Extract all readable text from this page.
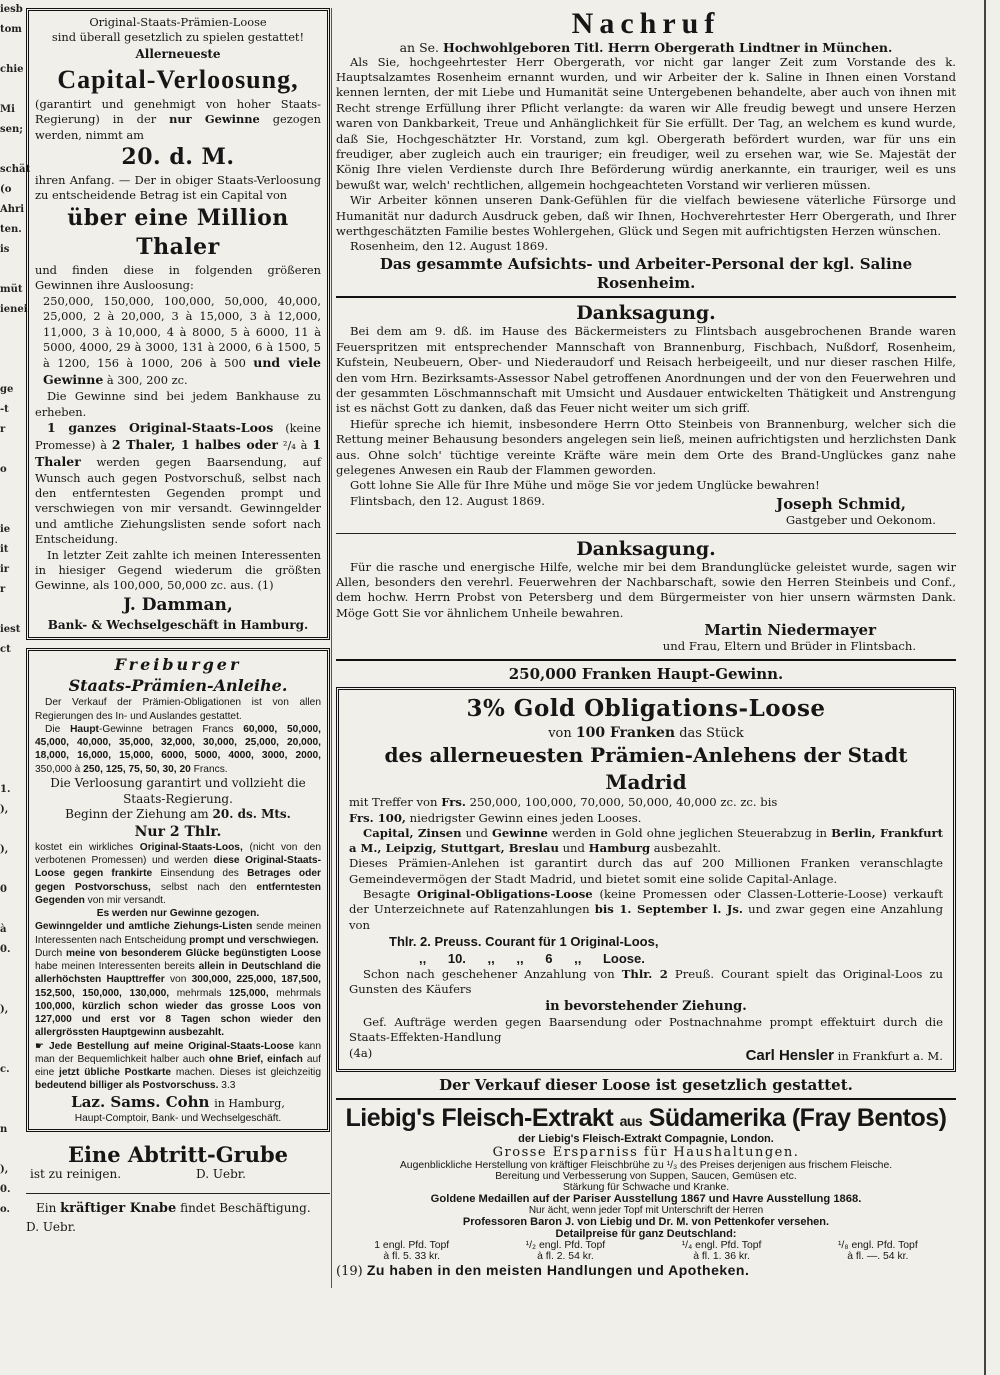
iesb
tom
chie
Mi
sen;
schät
(o
Ahri
ten.
is
müt
ienei
ge
-t
r
o
ie
it
ir
r
iest
ct
1.
),
),
0
à
0.
),
c.
n
),
0.
o.
Original-Staats-Prämien-Loose
sind überall gesetzlich zu spielen gestattet!
Allerneueste
Capital-Verloosung,

(garantirt und genehmigt von hoher Staats-Regierung) in der nur Gewinne gezogen werden, nimmt am

20. d. M.

ihren Anfang. — Der in obiger Staats-Verloosung zu entscheidende Betrag ist ein Capital von

über eine Million Thaler

und finden diese in folgenden größeren Gewinnen ihre Ausloosung:

250,000, 150,000, 100,000, 50,000, 40,000, 25,000, 2 à 20,000, 3 à 15,000, 3 à 12,000, 11,000, 3 à 10,000, 4 à 8000, 5 à 6000, 11 à 5000, 4000, 29 à 3000, 131 à 2000, 6 à 1500, 5 à 1200, 156 à 1000, 206 à 500 und viele Gewinne à 300, 200 zc.

Die Gewinne sind bei jedem Bankhause zu erheben.

1 ganzes Original-Staats-Loos (keine Promesse) à 2 Thaler, 1 halbes oder ²/₄ à 1 Thaler werden gegen Baarsendung, auf Wunsch auch gegen Postvorschuß, selbst nach den entferntesten Gegenden prompt und verschwiegen von mir versandt. Gewinngelder und amtliche Ziehungslisten sende sofort nach Entscheidung.

In letzter Zeit zahlte ich meinen Interessenten in hiesiger Gegend wiederum die größten Gewinne, als 100,000, 50,000 zc. aus. (1)

J. Damman,
Bank- & Wechselgeschäft in Hamburg.
Freiburger
Staats-Prämien-Anleihe.

Der Verkauf der Prämien-Obligationen ist von allen Regierungen des In- und Auslandes gestattet.

Die Haupt-Gewinne betragen Francs 60,000, 50,000, 45,000, 40,000, 35,000, 32,000, 30,000, 25,000, 20,000, 18,000, 16,000, 15,000, 6000, 5000, 4000, 3000, 2000, 350,000 à 250, 125, 75, 50, 30, 20 Francs.

Die Verloosung garantirt und vollzieht die Staats-Regierung.

Beginn der Ziehung am 20. ds. Mts.

Nur 2 Thlr.

kostet ein wirkliches Original-Staats-Loos, (nicht von den verbotenen Promessen) und werden diese Original-Staats-Loose gegen frankirte Einsendung des Betrages oder gegen Postvorschuss, selbst nach den entferntesten Gegenden von mir versandt.

Es werden nur Gewinne gezogen.

Gewinngelder und amtliche Ziehungs-Listen sende meinen Interessenten nach Entscheidung prompt und verschwiegen.

Durch meine von besonderem Glücke begünstigten Loose habe meinen Interessenten bereits allein in Deutschland die allerhöchsten Haupttreffer von 300,000, 225,000, 187,500, 152,500, 150,000, 130,000, mehrmals 125,000, mehrmals 100,000, kürzlich schon wieder das grosse Loos von 127,000 und erst vor 8 Tagen schon wieder den allergrössten Hauptgewinn ausbezahlt.

☛ Jede Bestellung auf meine Original-Staats-Loose kann man der Bequemlichkeit halber auch ohne Brief, einfach auf eine jetzt übliche Postkarte machen. Dieses ist gleichzeitig bedeutend billiger als Postvorschuss. 3.3

Laz. Sams. Cohn in Hamburg,
Haupt-Comptoir, Bank- und Wechselgeschäft.
Eine Abtritt-Grube
ist zu reinigen.	D. Uebr.
Ein kräftiger Knabe findet Beschäftigung.
D. Uebr.
Nachruf
an Se. Hochwohlgeboren Titl. Herrn Obergerath Lindtner in München.

Als Sie, hochgeehrtester Herr Obergerath, vor nicht gar langer Zeit zum Vorstande des k. Hauptsalzamtes Rosenheim ernannt wurden, und wir Arbeiter der k. Saline in Ihnen einen Vorstand kennen lernten, der mit Liebe und Humanität seine Untergebenen behandelte, aber auch von ihnen mit Recht strenge Erfüllung ihrer Pflicht verlangte: da waren wir Alle freudig bewegt und unsere Herzen waren von Dankbarkeit, Treue und Anhänglichkeit für Sie erfüllt. Der Tag, an welchem es kund wurde, daß Sie, Hochgeschätzter Hr. Vorstand, zum kgl. Obergerath befördert wurden, war für uns ein freudiger, aber zugleich auch ein trauriger; ein freudiger, weil zu ersehen war, wie Se. Majestät der König Ihre vielen Verdienste durch Ihre Beförderung würdig anerkannte, ein trauriger, weil es uns bewußt war, welch' rechtlichen, allgemein hochgeachteten Vorstand wir verlieren müssen.

Wir Arbeiter können unseren Dank-Gefühlen für die vielfach bewiesene väterliche Fürsorge und Humanität nur dadurch Ausdruck geben, daß wir Ihnen, Hochverehrtester Herr Obergerath, und Ihrer werthgeschätzten Familie bestes Wohlergehen, Glück und Segen mit aufrichtigsten Herzen wünschen.

Rosenheim, den 12. August 1869.

Das gesammte Aufsichts- und Arbeiter-Personal der kgl. Saline Rosenheim.
Danksagung.

Bei dem am 9. dß. im Hause des Bäckermeisters zu Flintsbach ausgebrochenen Brande waren Feuerspritzen mit entsprechender Mannschaft von Brannenburg, Fischbach, Nußdorf, Rosenheim, Kufstein, Neubeuern, Ober- und Niederaudorf und Reisach herbeigeeilt, und nur dieser raschen Hilfe, den vom Hrn. Bezirksamts-Assessor Nabel getroffenen Anordnungen und der von den Feuerwehren und der gesammten Löschmannschaft mit Umsicht und Ausdauer entwickelten Thätigkeit und Anstrengung ist es nächst Gott zu danken, daß das Feuer nicht weiter um sich griff.

Hiefür spreche ich hiemit, insbesondere Herrn Otto Steinbeis von Brannenburg, welcher sich die Rettung meiner Behausung besonders angelegen sein ließ, meinen aufrichtigsten und herzlichsten Dank aus. Ohne solch' tüchtige vereinte Kräfte wäre mein dem Orte des Brand-Unglückes ganz nahe gelegenes Anwesen ein Raub der Flammen geworden.

Gott lohne Sie Alle für Ihre Mühe und möge Sie vor jedem Unglücke bewahren!

Flintsbach, den 12. August 1869.	Joseph Schmid,
Gastgeber und Oekonom.
Danksagung.

Für die rasche und energische Hilfe, welche mir bei dem Brandunglücke geleistet wurde, sagen wir Allen, besonders den verehrl. Feuerwehren der Nachbarschaft, sowie den Herren Steinbeis und Conf., dem hochw. Herrn Probst von Petersberg und dem Bürgermeister von hier unsern wärmsten Dank. Möge Gott Sie vor ähnlichem Unheile bewahren.

Martin Niedermayer
und Frau, Eltern und Brüder in Flintsbach.
250,000 Franken Haupt-Gewinn.
3% Gold Obligations-Loose
von 100 Franken das Stück
des allerneuesten Prämien-Anlehens der Stadt Madrid

mit Treffer von Frs. 250,000, 100,000, 70,000, 50,000, 40,000 zc. zc. bis

Frs. 100, niedrigster Gewinn eines jeden Looses.

Capital, Zinsen und Gewinne werden in Gold ohne jeglichen Steuerabzug in Berlin, Frankfurt a M., Leipzig, Stuttgart, Breslau und Hamburg ausbezahlt.

Dieses Prämien-Anlehen ist garantirt durch das auf 200 Millionen Franken veranschlagte Gemeindevermögen der Stadt Madrid, und bietet somit eine solide Capital-Anlage.

Besagte Original-Obligations-Loose (keine Promessen oder Classen-Lotterie-Loose) verkauft der Unterzeichnete auf Ratenzahlungen bis 1. September l. Js. und zwar gegen eine Anzahlung von

Thlr. 2. Preuss. Courant für 1 Original-Loos,
,, 10. ,, ,, 6 ,, Loose.

Schon nach geschehener Anzahlung von Thlr. 2 Preuß. Courant spielt das Original-Loos zu Gunsten des Käufers

in bevorstehender Ziehung.

Gef. Aufträge werden gegen Baarsendung oder Postnachnahme prompt effektuirt durch die Staats-Effekten-Handlung

(4a)	Carl Hensler in Frankfurt a. M.
Der Verkauf dieser Loose ist gesetzlich gestattet.
Liebig's Fleisch-Extrakt aus Südamerika (Fray Bentos)
der Liebig's Fleisch-Extrakt Compagnie, London.
Grosse Ersparniss für Haushaltungen.
Augenblickliche Herstellung von kräftiger Fleischbrühe zu ¹/₃ des Preises derjenigen aus frischem Fleische.
Bereitung und Verbesserung von Suppen, Saucen, Gemüsen etc.
Stärkung für Schwache und Kranke.
Goldene Medaillen auf der Pariser Ausstellung 1867 und Havre Ausstellung 1868.
Nur ächt, wenn jeder Topf mit Unterschrift der Herren
Professoren Baron J. von Liebig und Dr. M. von Pettenkofer versehen.
Detailpreise für ganz Deutschland:
1 engl. Pfd. Topf
à fl. 5. 33 kr.
¹/₂ engl. Pfd. Topf
à fl. 2. 54 kr.
¹/₄ engl. Pfd. Topf
à fl. 1. 36 kr.
¹/₈ engl. Pfd. Topf
à fl. —. 54 kr.
(19) Zu haben in den meisten Handlungen und Apotheken.
